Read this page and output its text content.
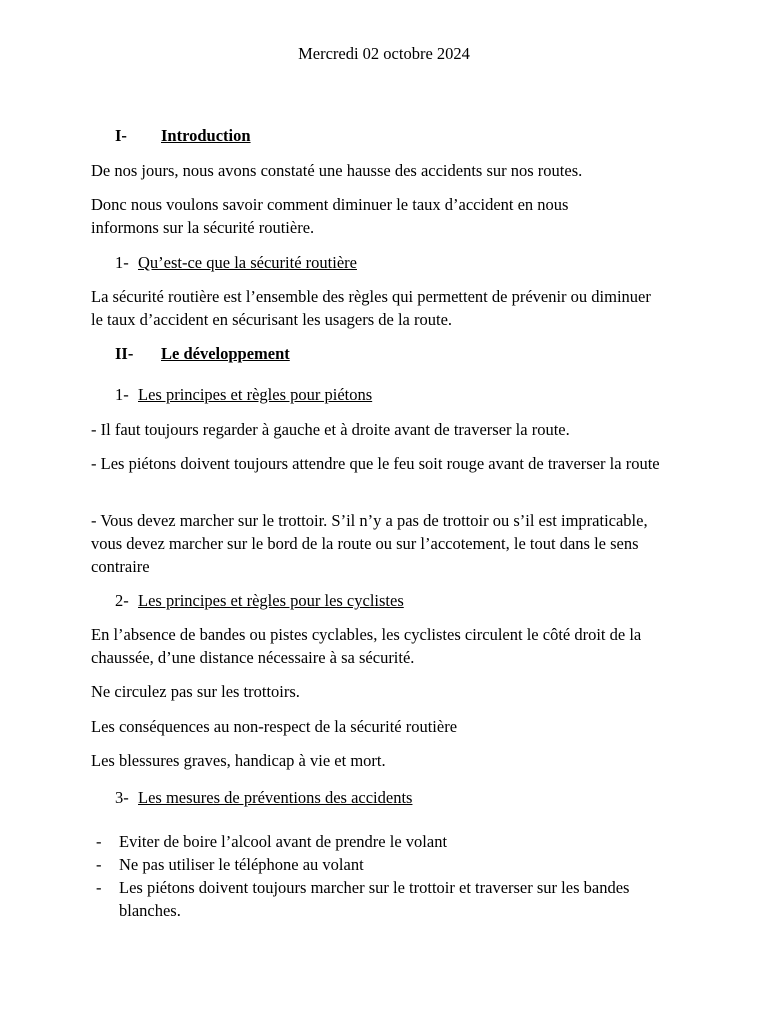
Mercredi 02 octobre 2024
I- Introduction
De nos jours, nous avons constaté une hausse des accidents sur nos routes.
Donc nous voulons savoir comment diminuer le taux d’accident en nous informons sur la sécurité routière.
1- Qu’est-ce que la sécurité routière
La sécurité routière est l’ensemble des règles qui permettent de prévenir ou diminuer le taux d’accident en sécurisant les usagers de la route.
II- Le développement
1- Les principes et règles pour piétons
- Il faut toujours regarder à gauche et à droite avant de traverser la route.
- Les piétons doivent toujours attendre que le feu soit rouge avant de traverser la route
- Vous devez marcher sur le trottoir. S’il n’y a pas de trottoir ou s’il est impraticable, vous devez marcher sur le bord de la route ou sur l’accotement, le tout dans le sens contraire
2- Les principes et règles pour les cyclistes
En l’absence de bandes ou pistes cyclables, les cyclistes circulent le côté droit de la chaussée, d’une distance nécessaire à sa sécurité.
Ne circulez pas sur les trottoirs.
Les conséquences au non-respect de la sécurité routière
Les blessures graves, handicap à vie et mort.
3- Les mesures de préventions des accidents
- Eviter de boire l’alcool avant de prendre le volant
- Ne pas utiliser le téléphone au volant
- Les piétons doivent toujours marcher sur le trottoir et traverser sur les bandes blanches.
